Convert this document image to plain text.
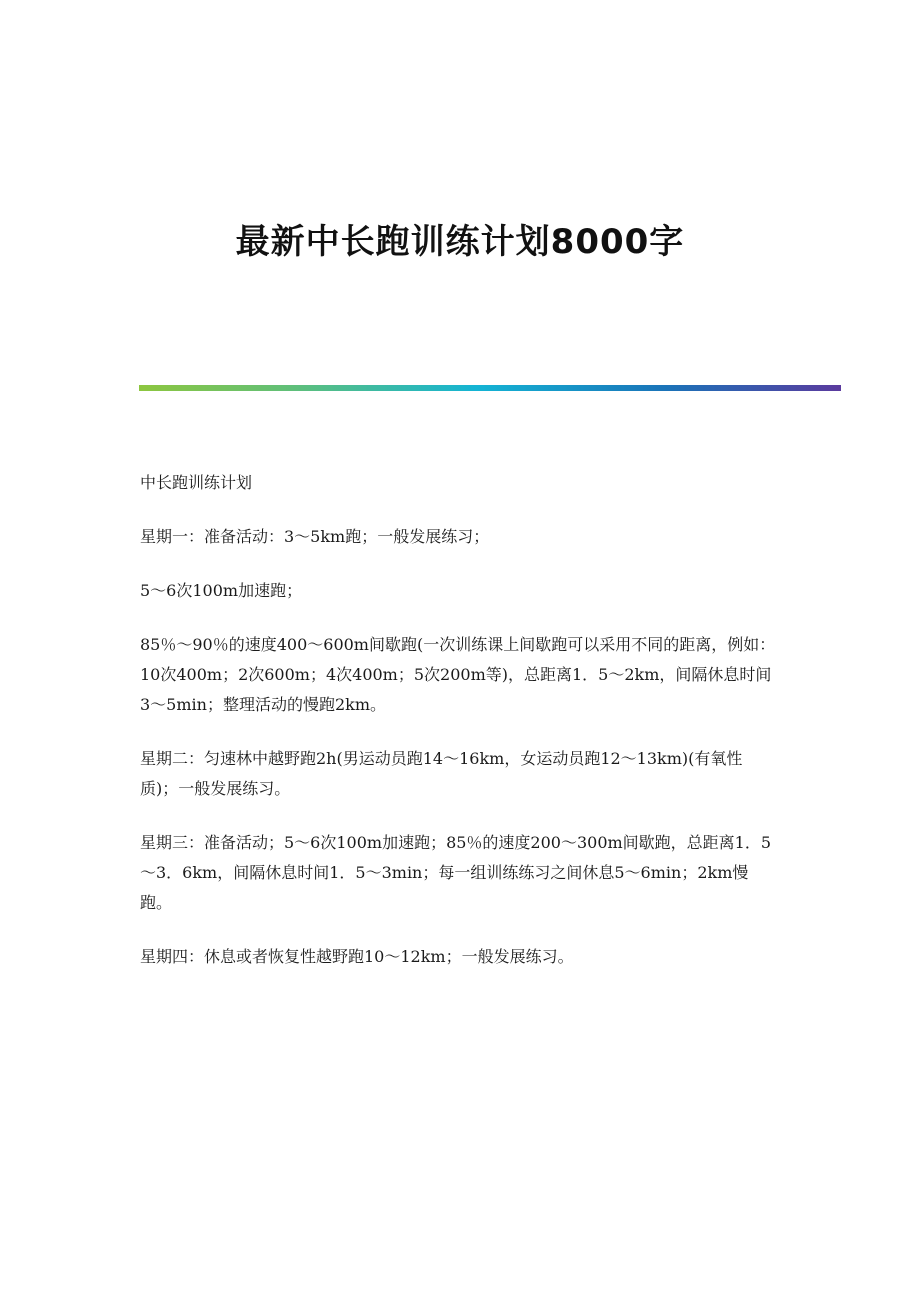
最新中长跑训练计划8000字

中长跑训练计划

星期一：准备活动：3～5km跑；一般发展练习；

5～6次100m加速跑；

85％～90％的速度400～600m间歇跑(一次训练课上间歇跑可以采用不同的距离，例如：10次400m；2次600m；4次400m；5次200m等)，总距离1．5～2km，间隔休息时间3～5min；整理活动的慢跑2km。

星期二：匀速林中越野跑2h(男运动员跑14～16km，女运动员跑12～13km)(有氧性质)；一般发展练习。

星期三：准备活动；5～6次100m加速跑；85％的速度200～300m间歇跑，总距离1．5～3．6km，间隔休息时间1．5～3min；每一组训练练习之间休息5～6min；2km慢跑。

星期四：休息或者恢复性越野跑10～12km；一般发展练习。
